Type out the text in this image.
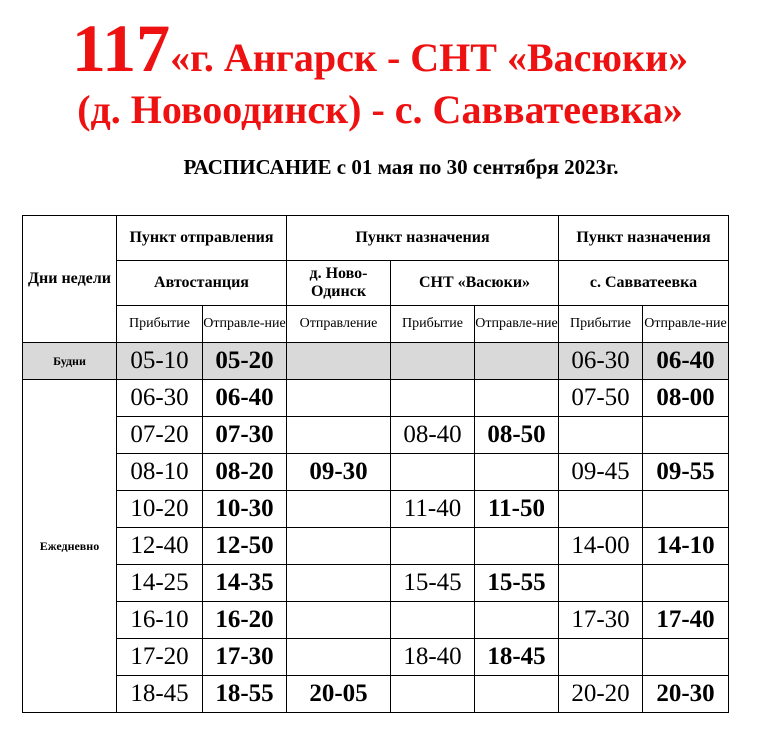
117«г. Ангарск - СНТ «Васюки»
(д. Новоодинск) - с. Савватеевка»
РАСПИСАНИЕ с 01 мая по 30 сентября 2023г.
Дни недели	Пункт отправления		Пункт назначения			Пункт назначения	
	Автостанция		д. Ново-Одинск	СНТ «Васюки»		с. Савватеевка	
	Прибытие	Отправле-ние	Отправление	Прибытие	Отправле-ние	Прибытие	Отправле-ние
Будни	05-10	05-20				06-30	06-40
Ежедневно	06-30	06-40				07-50	08-00
	07-20	07-30		08-40	08-50		
	08-10	08-20	09-30			09-45	09-55
	10-20	10-30		11-40	11-50		
	12-40	12-50				14-00	14-10
	14-25	14-35		15-45	15-55		
	16-10	16-20				17-30	17-40
	17-20	17-30		18-40	18-45		
	18-45	18-55	20-05			20-20	20-30
